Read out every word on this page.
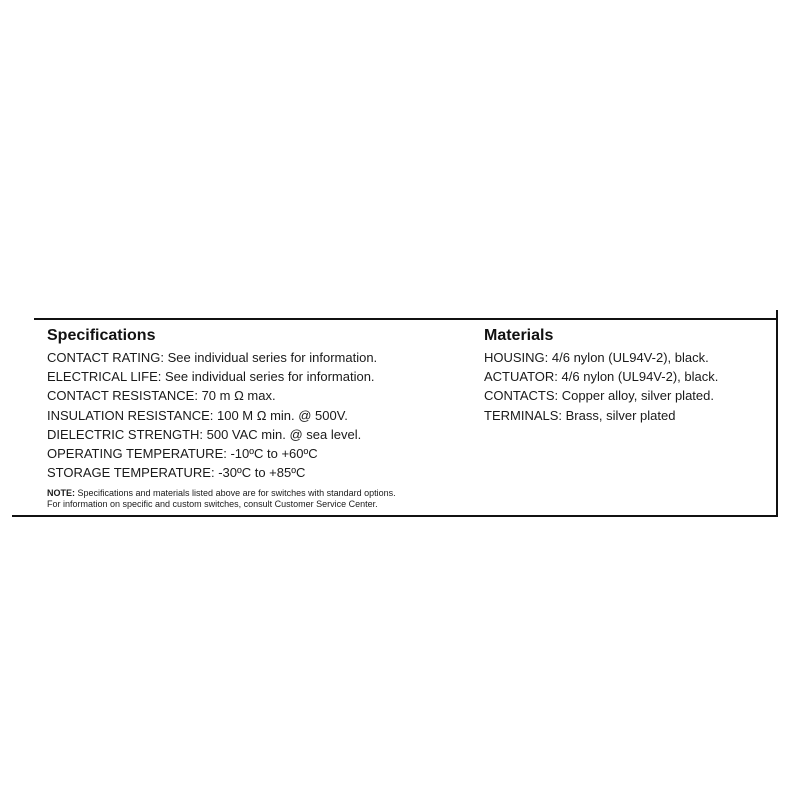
Specifications
CONTACT RATING: See individual series for information.
ELECTRICAL LIFE: See individual series for information.
CONTACT RESISTANCE: 70 m Ω max.
INSULATION RESISTANCE: 100 M Ω min. @ 500V.
DIELECTRIC STRENGTH: 500 VAC min. @ sea level.
OPERATING TEMPERATURE: -10ºC to +60ºC
STORAGE TEMPERATURE: -30ºC to +85ºC
Materials
HOUSING: 4/6 nylon (UL94V-2), black.
ACTUATOR: 4/6 nylon (UL94V-2), black.
CONTACTS: Copper alloy, silver plated.
TERMINALS: Brass, silver plated
NOTE: Specifications and materials listed above are for switches with standard options.
For information on specific and custom switches, consult Customer Service Center.
